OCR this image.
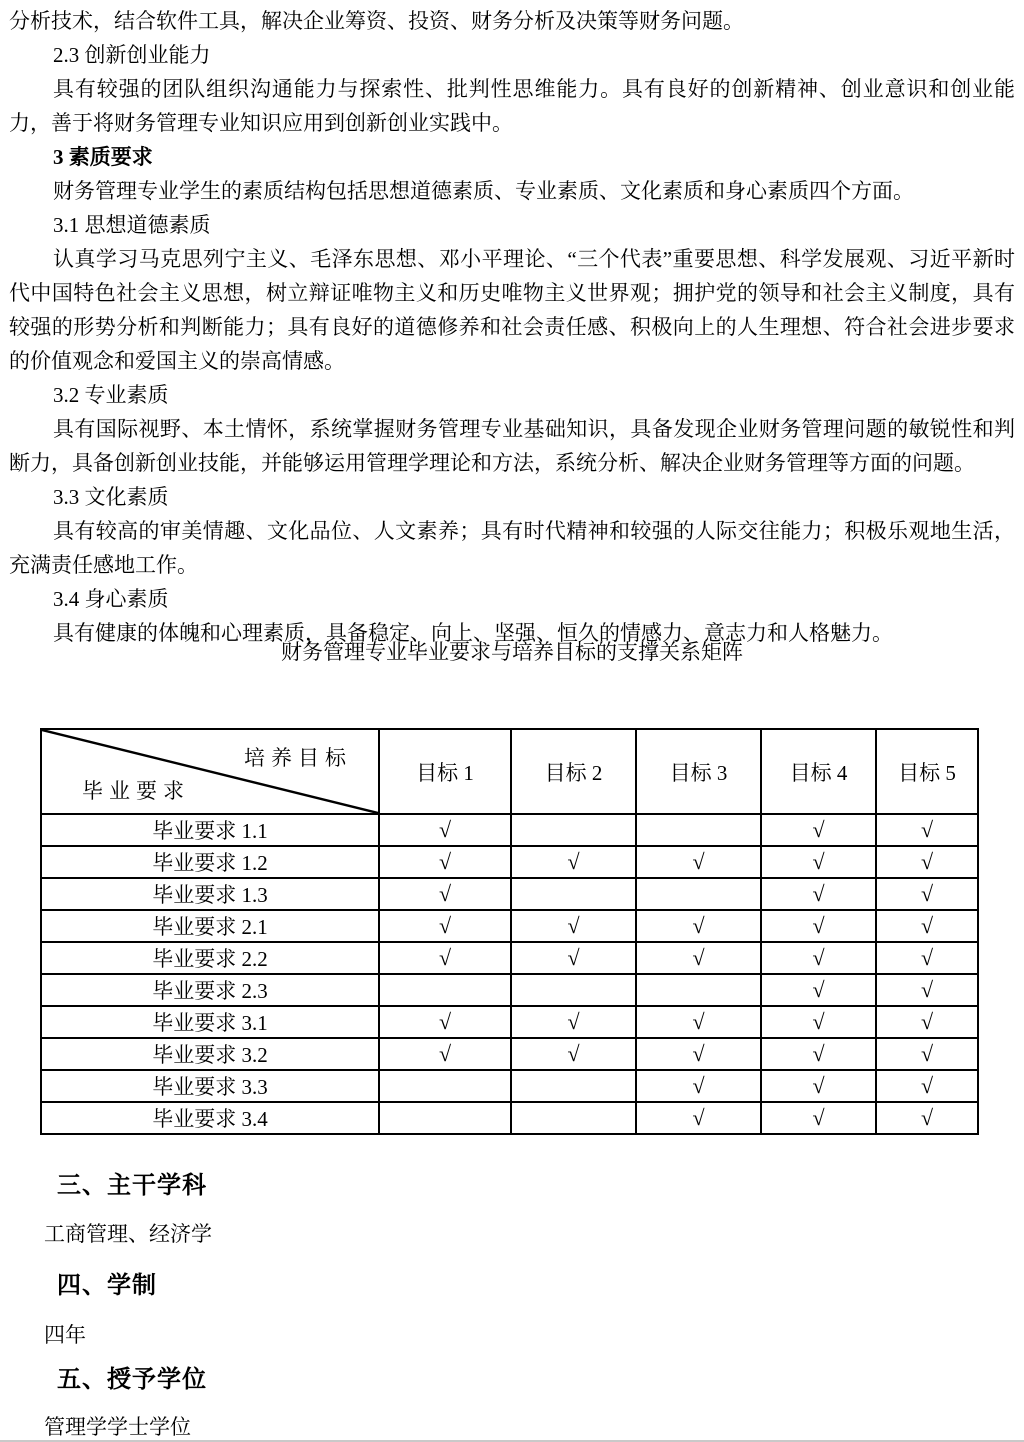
分析技术，结合软件工具，解决企业筹资、投资、财务分析及决策等财务问题。

2.3 创新创业能力

具有较强的团队组织沟通能力与探索性、批判性思维能力。具有良好的创新精神、创业意识和创业能力，善于将财务管理专业知识应用到创新创业实践中。

3 素质要求

财务管理专业学生的素质结构包括思想道德素质、专业素质、文化素质和身心素质四个方面。

3.1 思想道德素质

认真学习马克思列宁主义、毛泽东思想、邓小平理论、“三个代表”重要思想、科学发展观、习近平新时代中国特色社会主义思想，树立辩证唯物主义和历史唯物主义世界观；拥护党的领导和社会主义制度，具有较强的形势分析和判断能力；具有良好的道德修养和社会责任感、积极向上的人生理想、符合社会进步要求的价值观念和爱国主义的崇高情感。

3.2 专业素质

具有国际视野、本土情怀，系统掌握财务管理专业基础知识，具备发现企业财务管理问题的敏锐性和判断力，具备创新创业技能，并能够运用管理学理论和方法，系统分析、解决企业财务管理等方面的问题。

3.3 文化素质

具有较高的审美情趣、文化品位、人文素养；具有时代精神和较强的人际交往能力；积极乐观地生活，充满责任感地工作。

3.4 身心素质

具有健康的体魄和心理素质，具备稳定、向上、坚强、恒久的情感力、意志力和人格魅力。

财务管理专业毕业要求与培养目标的支撑关系矩阵
培养目标
毕业要求	目标 1	目标 2	目标 3	目标 4	目标 5
毕业要求 1.1	√			√	√
毕业要求 1.2	√	√	√	√	√
毕业要求 1.3	√			√	√
毕业要求 2.1	√	√	√	√	√
毕业要求 2.2	√	√	√	√	√
毕业要求 2.3				√	√
毕业要求 3.1	√	√	√	√	√
毕业要求 3.2	√	√	√	√	√
毕业要求 3.3			√	√	√
毕业要求 3.4			√	√	√
三、主干学科
工商管理、经济学
四、学制
四年
五、授予学位
管理学学士学位
